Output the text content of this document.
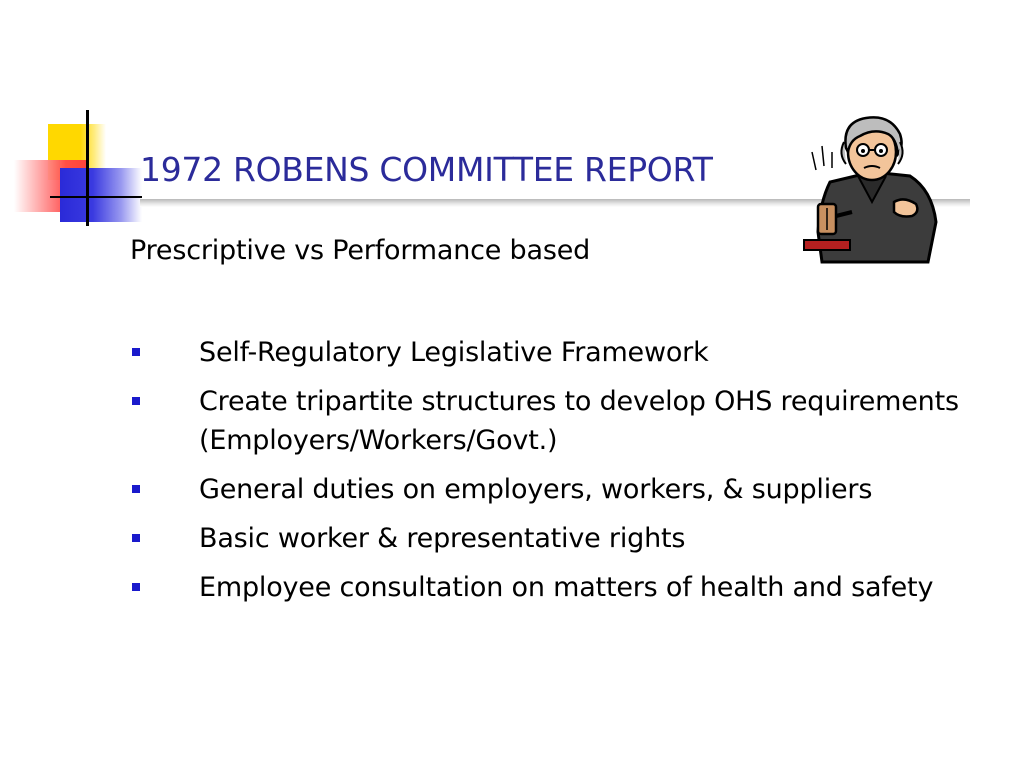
1972 ROBENS COMMITTEE REPORT
Prescriptive vs Performance based
Self-Regulatory Legislative Framework
Create tripartite structures to develop OHS requirements (Employers/Workers/Govt.)
General duties on employers, workers, & suppliers
Basic worker & representative rights
Employee consultation on matters of health and safety
